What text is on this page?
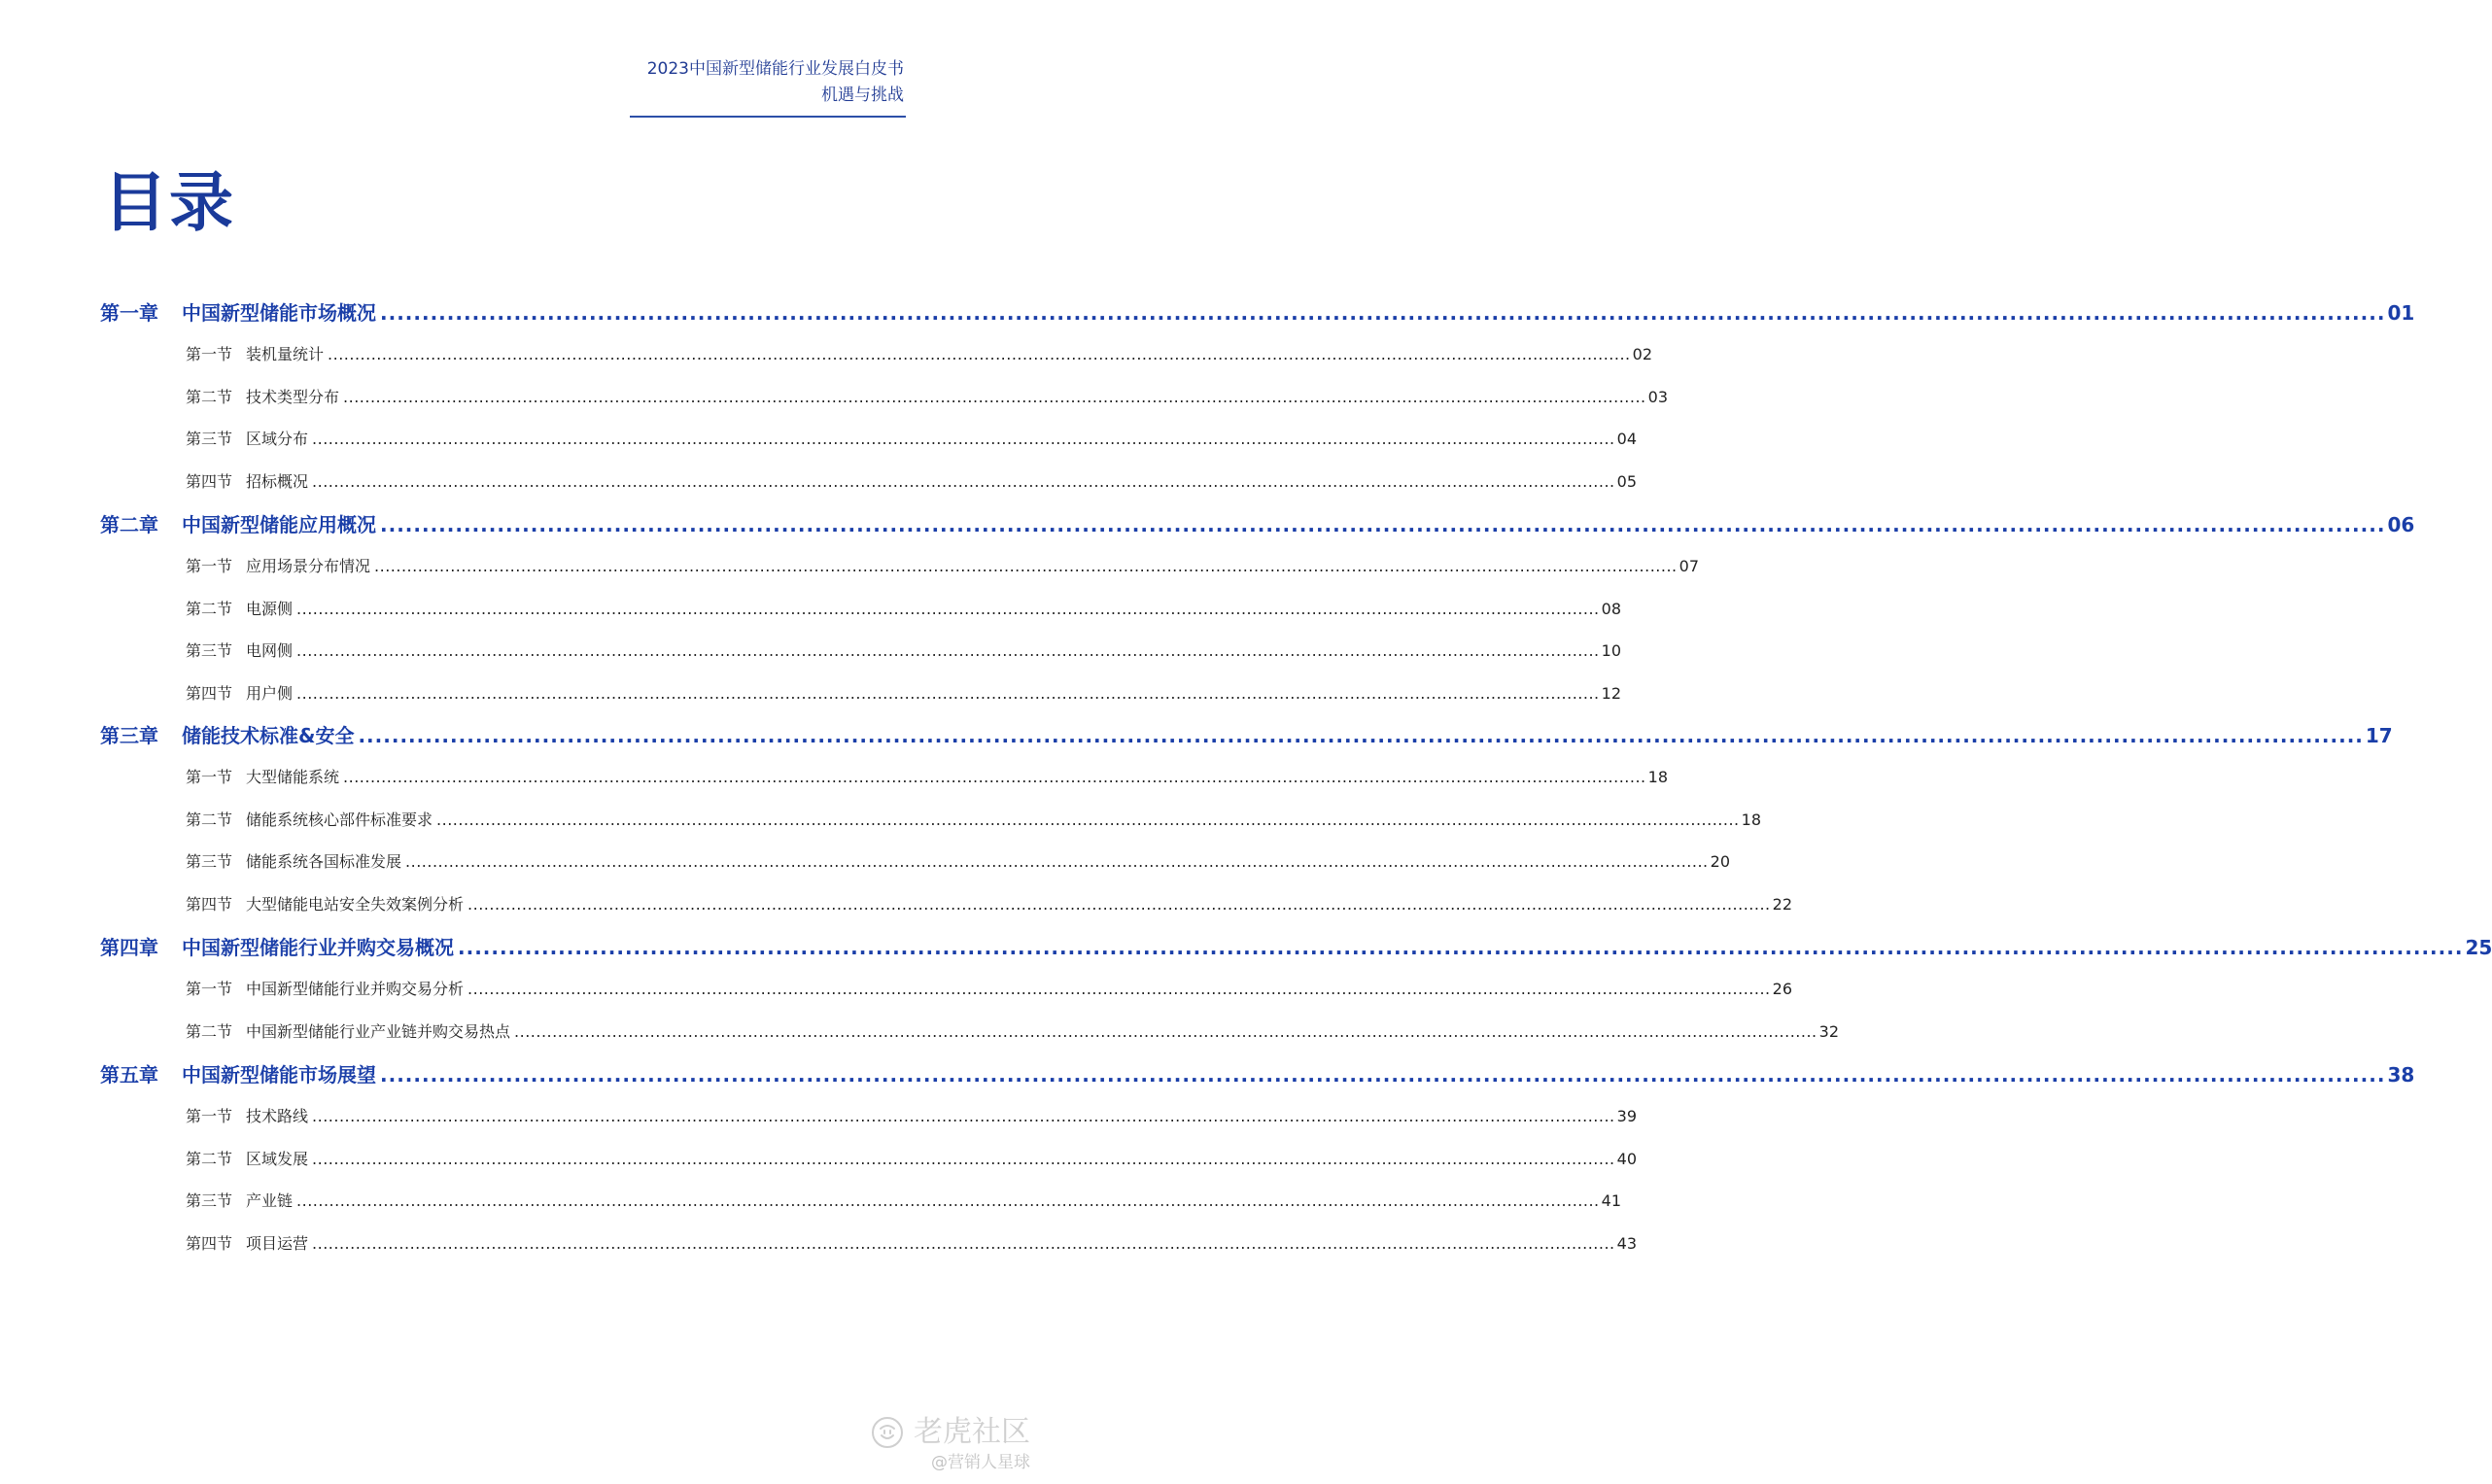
2023中国新型储能行业发展白皮书
机遇与挑战
目录
第一章	中国新型储能市场概况 ................................................................................................................................................................................................................................................ 01
第一节 装机量统计 ................................................................................................................................................................................................................................................ 02
第二节 技术类型分布 ................................................................................................................................................................................................................................................ 03
第三节 区域分布 ................................................................................................................................................................................................................................................ 04
第四节 招标概况 ................................................................................................................................................................................................................................................ 05
第二章	中国新型储能应用概况 ................................................................................................................................................................................................................................................ 06
第一节 应用场景分布情况 ................................................................................................................................................................................................................................................ 07
第二节 电源侧 ................................................................................................................................................................................................................................................ 08
第三节 电网侧 ................................................................................................................................................................................................................................................ 10
第四节 用户侧 ................................................................................................................................................................................................................................................ 12
第三章	储能技术标准&安全 ................................................................................................................................................................................................................................................ 17
第一节 大型储能系统 ................................................................................................................................................................................................................................................ 18
第二节 储能系统核心部件标准要求 ................................................................................................................................................................................................................................................ 18
第三节 储能系统各国标准发展 ................................................................................................................................................................................................................................................ 20
第四节 大型储能电站安全失效案例分析 ................................................................................................................................................................................................................................................ 22
第四章	中国新型储能行业并购交易概况 ................................................................................................................................................................................................................................................ 25
第一节 中国新型储能行业并购交易分析 ................................................................................................................................................................................................................................................ 26
第二节 中国新型储能行业产业链并购交易热点 ................................................................................................................................................................................................................................................ 32
第五章	中国新型储能市场展望 ................................................................................................................................................................................................................................................ 38
第一节 技术路线 ................................................................................................................................................................................................................................................ 39
第二节 区域发展 ................................................................................................................................................................................................................................................ 40
第三节 产业链 ................................................................................................................................................................................................................................................ 41
第四节 项目运营 ................................................................................................................................................................................................................................................ 43
老虎社区
@营销人星球
